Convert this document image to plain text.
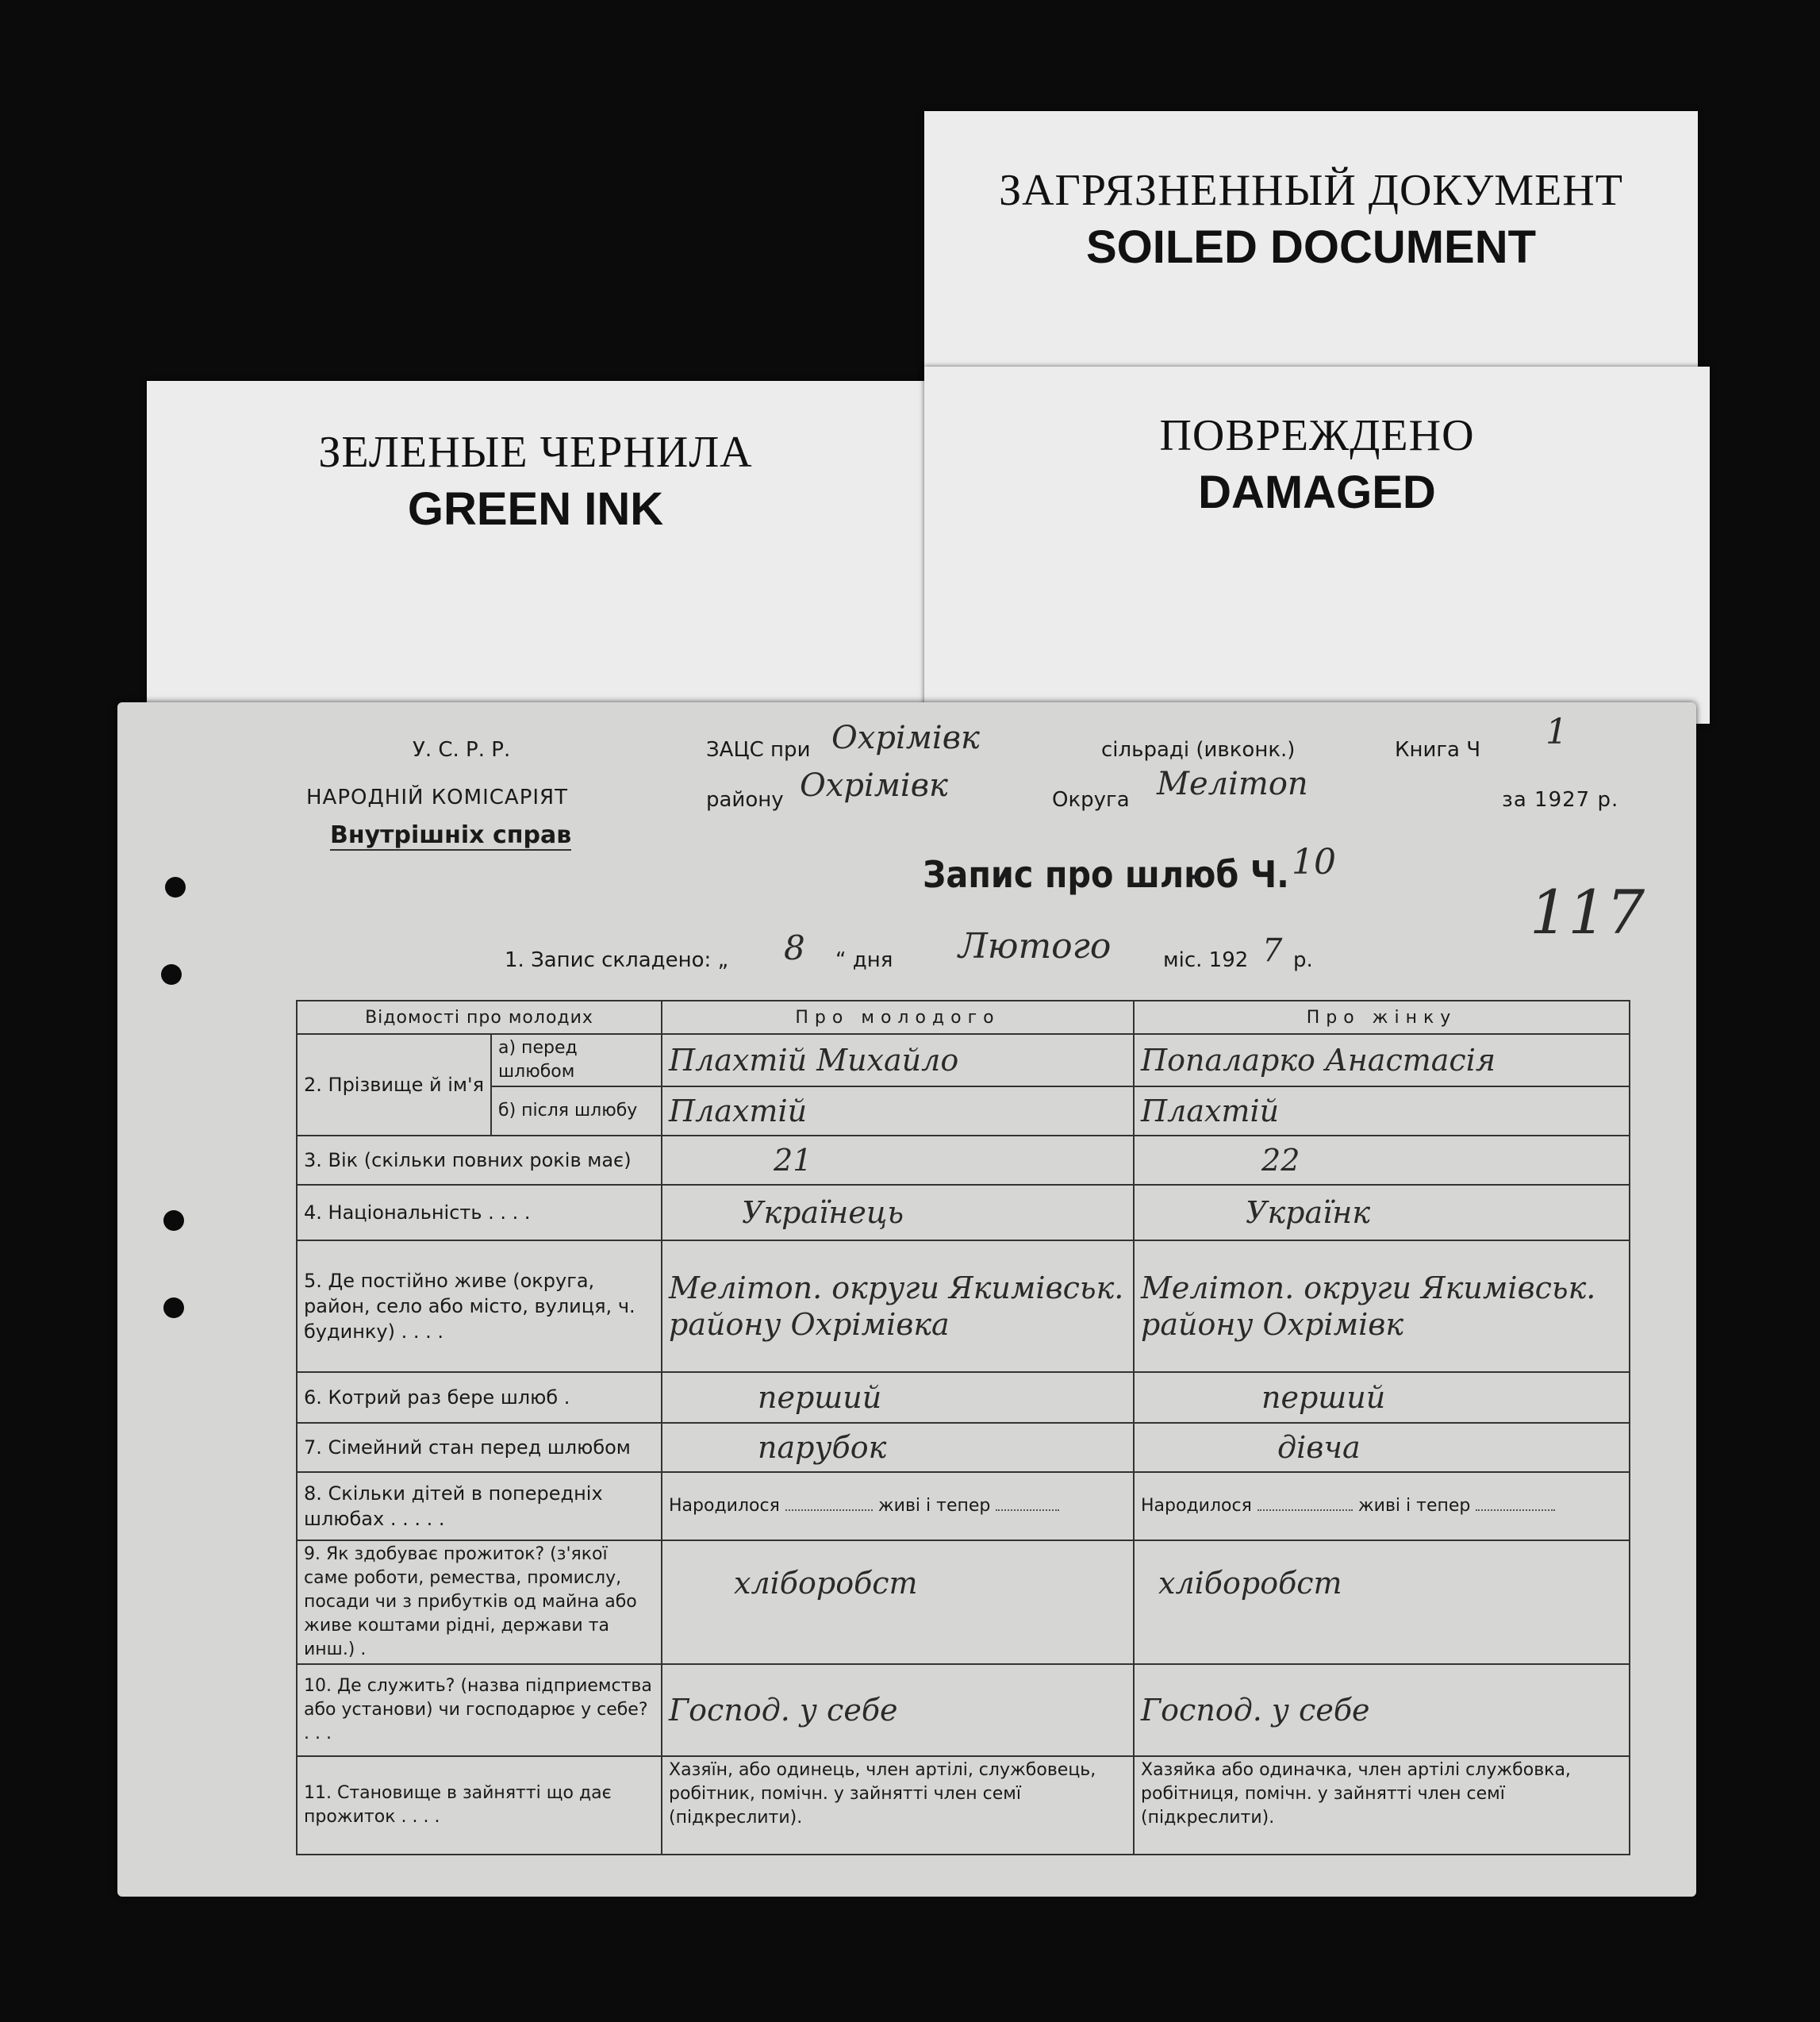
ЗАГРЯЗНЕННЫЙ ДОКУМЕНТ
SOILED DOCUMENT
ЗЕЛЕНЫЕ ЧЕРНИЛА
GREEN INK
ПОВРЕЖДЕНО
DAMAGED
У. С. Р. Р.
НАРОДНІЙ КОМІСАРІЯТ
Внутрішніх справ
ЗАЦС при Охрімівк	сільраді (ивконк.)	Книга Ч 1
району Охрімівк	Округа Мелітоп	за 1927 р.
Запис про шлюб Ч. 10
117
1. Запис складено: „ 8 “ дня Лютого	міс. 192 7 р.
Відомості про молодих		Про молодого	Про жінку
2. Прізвище й ім'я	а) перед шлюбом	Плахтій Михайло	Попаларко Анастасія
	б) після шлюбу	Плахтій	Плахтій
3. Вік (скільки повних років має)		21	22
4. Національність . . . .		Українець	Українк
5. Де постійно живе (округа, район, село або місто, вулиця, ч. будинку) . . . .		Мелітоп. округи Якимівськ. району Охрімівка	Мелітоп. округи Якимівськ. району Охрімівк
6. Котрий раз бере шлюб .		перший	перший
7. Сімейний стан перед шлюбом		парубок	дівча
8. Скільки дітей в попередніх шлюбах . . . . .		Народилося живі і тепер	Народилося живі і тепер
9. Як здобуває прожиток? (з'якої саме роботи, ремества, промислу, посади чи з прибутків од майна або живе коштами рідні, держави та инш.) .		хліборобст	хліборобст
10. Де служить? (назва підприемства або установи) чи господарює у себе? . . .		Господ. у себе	Господ. у себе
11. Становище в зайнятті що дає прожиток . . . .		Хазяїн, або одинець, член артілі, службовець, робітник, помічн. у зайнятті член семї (підкреслити).	Хазяйка або одиначка, член артілі службовка, робітниця, помічн. у зайнятті член семї (підкреслити).
